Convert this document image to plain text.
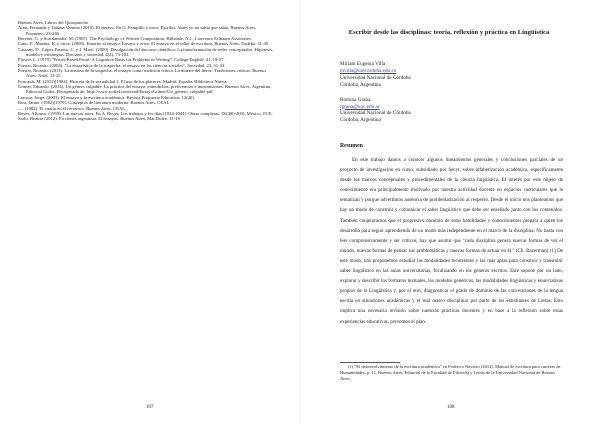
Buenos Aires, Libros del Quirquincho.

Aren, Fernanda y Tatiana Varnino (2010). El ensayo. En G. Pampillo y otros, Escribir. Antes yo no sabía que sabía, Buenos Aires, Prometeo. 23-246.

Bereiter, C. y Scardamalia, M. (1987). The Psychology of Written Composition, Hillsdale, N.J., Lawrence Erlbaum Associates.

Cano, F., Mazina, B. y otros. (2008). Entorno al ensayo. Ensayo y error. El ensayo en el taller de escritura. Buenos Aires, Eudeba. 31-49.

Cassany, D., López Ferrero, C. y J. Martí. (2000). Divulgación del discurso científico: La transformación de redes conceptuales. Hipótesis, modelo y estrategias. Discurso y sociedad, 2(2), 73-103.

Flower, L. (1979) "Writer-Based Prose: A Cognitive Basis for Problems in Writing". College English, 41, 19-37.

Forster, Ricardo. (2004). "La ensayística de la sospecha: el ensayo en las ciencias sociales". Sociedad, 23, 31-43.

Forster, Ricardo. (2011). La ansiosa de la sospecha; el ensayo como tradición crítica. La muerte del héroe. Tradiciones críticas. Buenos Aires: Ariel. 13-25.

Foucault, M. (2012)[1984]. Historia de la sexualidad 2. El uso de los placeres. Madrid, España, Biblioteca Nueva.

Grüner, Eduardo. (2014). Un género culpable. La práctica del ensayo: entredichos, preferencias e intromisiones. Buenos Aires, Argentina, Editorial Godot. Recuperado de: http://www.scribd.com/read/EnsayoGrüner/Un_género_culpable.pdf

Larrosa, Jorge. (2003). El ensayo y la escritura académica. Revista Propuesta Educativa, 12(26).

Rest, Jaime. (1982)[1979]. Conceptos de literatura moderna. Buenos Aires, CEAL.

—. (1982). El cuarto en el recoveco. Buenos Aires, CEAL.

Reyes, Alfonso. (1959). Las nuevas artes. En A. Reyes, Los trabajos y los días [1934-1944]. Obras completas, IX(400-403), México, FCE.

Sarlo, Beatriz (2012). Ficciones argentinas 33 ensayos. Buenos Aires, Mar Dulce. 11-18

107
Escribir desde las disciplinas: teoría, reflexión y práctica en Lingüística

Miriam Eugenia Villa

mvilla@unicordoba.edu.co

Universidad Nacional de Córdoba

Córdoba, Argentina

Romina Grana

rgrana@unc.edu.ar

Universidad Nacional de Córdoba

Córdoba, Argentina

Resumen

En este trabajo damos a conocer algunos lineamientos generales y conclusiones parciales de un proyecto de investigación en curso, subsidiado por Secyt, sobre alfabetización académica, específicamente desde los marcos conceptuales y procedimentales de la ciencia lingüística. El interés por este objeto de conocimiento era principalmente motivado por nuestra actividad docente en espacios curriculares que le tematizan y porque advertimos ausencia de problematización al respecto. Desde el inicio nos planteamos que hay un modo de construir y comunicar el saber lingüístico que debe ser enseñado junto con los contenidos. También conjeturamos que el progresivo dominio de estas habilidades y conocimientos prepara a quien los desarrolla para seguir aprendiendo de un modo más independiente en el marco de la disciplina. No basta con leer comprensivamente y ser críticos, hay que asumir que "cada disciplina genera nuevas formas de ver el mundo, nuevas formas de pensar sus problemáticas y nuevas formas de actuar en él." (Ch. Bazerman) (1) De este modo, nos proponemos estudiar las modalidades recurrentes y las más aptas para construir y transmitir saber lingüístico en las aulas universitarias, focalizando en los géneros escritos. Este supone por un lado, explorar y describir los formatos textuales, los modelos genéricos, las modalidades lingüísticas y enunciativas propios de la Lingüística y, por el otro, diagnosticar el grado de dominio de las convenciones de la lengua escrita en situaciones académicas y el real marco disciplinar por parte de los estudiantes de Letras. Esto implica una necesaria revisión sobre nuestras prácticas docentes y en base a la reflexión sobre estas experiencias educativas, prevemos el plan-

(1) "El desenvolvimiento de la escritura académica" en Federico Navarro (2014). Manual de escritura para carreras de Humanidades, p. 11. Buenos Aires, Editorial de la Facultad de Filosofía y Letras de la Universidad Nacional de Buenos Aires.

108
